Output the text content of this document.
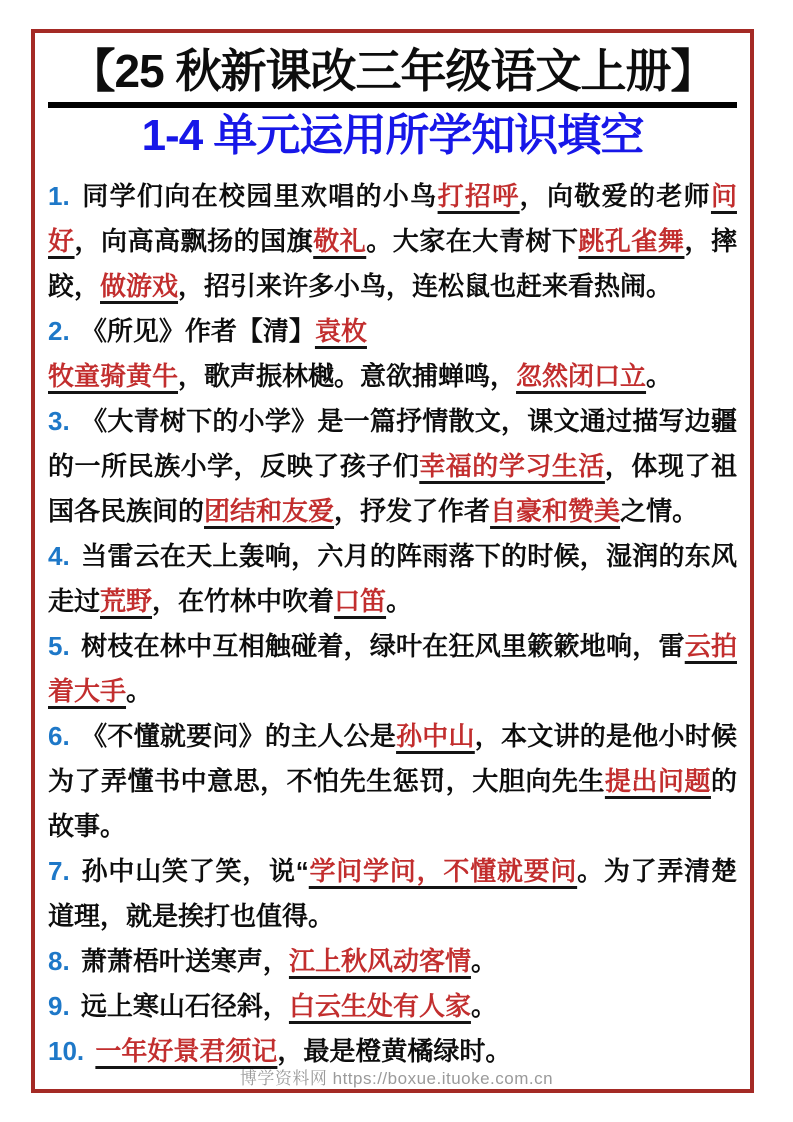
【25 秋新课改三年级语文上册】
1-4 单元运用所学知识填空

1. 同学们向在校园里欢唱的小鸟打招呼，向敬爱的老师问好，向高高飘扬的国旗敬礼。大家在大青树下跳孔雀舞，摔跤，做游戏，招引来许多小鸟，连松鼠也赶来看热闹。

2. 《所见》作者【清】袁枚
牧童骑黄牛，歌声振林樾。意欲捕蝉鸣，忽然闭口立。

3. 《大青树下的小学》是一篇抒情散文，课文通过描写边疆的一所民族小学，反映了孩子们幸福的学习生活，体现了祖国各民族间的团结和友爱，抒发了作者自豪和赞美之情。

4. 当雷云在天上轰响，六月的阵雨落下的时候，湿润的东风走过荒野，在竹林中吹着口笛。

5. 树枝在林中互相触碰着，绿叶在狂风里簌簌地响，雷云拍着大手。

6. 《不懂就要问》的主人公是孙中山，本文讲的是他小时候为了弄懂书中意思，不怕先生惩罚，大胆向先生提出问题的故事。

7. 孙中山笑了笑，说“学问学问，不懂就要问。为了弄清楚道理，就是挨打也值得。

8. 萧萧梧叶送寒声，江上秋风动客情。

9. 远上寒山石径斜，白云生处有人家。

10. 一年好景君须记，最是橙黄橘绿时。

博学资料网 https://boxue.ituoke.com.cn
